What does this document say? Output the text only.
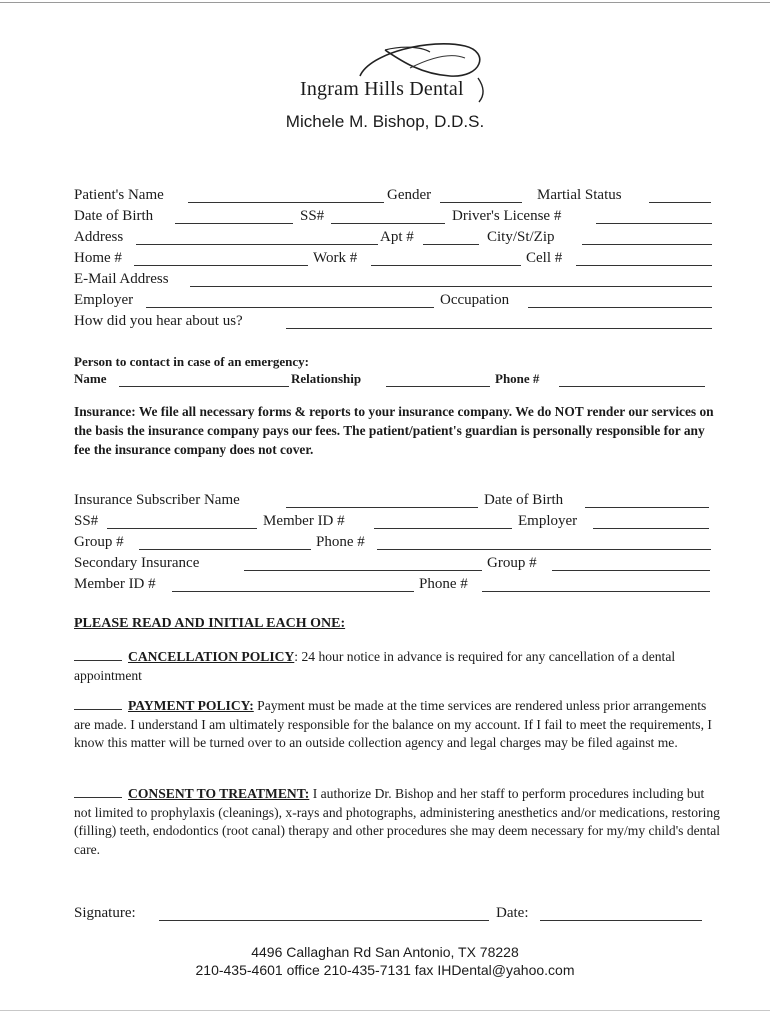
Ingram Hills Dental
Michele M. Bishop, D.D.S.
Patient's Name	Gender	Martial Status
Date of Birth	SS#	Driver's License #
Address	Apt #	City/St/Zip
Home #	Work #	Cell #
E-Mail Address
Employer	Occupation
How did you hear about us?
Person to contact in case of an emergency:
Name	Relationship	Phone #
Insurance: We file all necessary forms & reports to your insurance company. We do NOT render our services on the basis the insurance company pays our fees. The patient/patient's guardian is personally responsible for any fee the insurance company does not cover.
Insurance Subscriber Name	Date of Birth
SS#	Member ID #	Employer
Group #	Phone #
Secondary Insurance	Group #
Member ID #	Phone #
PLEASE READ AND INITIAL EACH ONE:
CANCELLATION POLICY: 24 hour notice in advance is required for any cancellation of a dental appointment
PAYMENT POLICY: Payment must be made at the time services are rendered unless prior arrangements are made. I understand I am ultimately responsible for the balance on my account. If I fail to meet the requirements, I know this matter will be turned over to an outside collection agency and legal charges may be filed against me.
CONSENT TO TREATMENT: I authorize Dr. Bishop and her staff to perform procedures including but not limited to prophylaxis (cleanings), x-rays and photographs, administering anesthetics and/or medications, restoring (filling) teeth, endodontics (root canal) therapy and other procedures she may deem necessary for my/my child's dental care.
Signature:	Date:
4496 Callaghan Rd San Antonio, TX 78228
210-435-4601 office 210-435-7131 fax IHDental@yahoo.com
